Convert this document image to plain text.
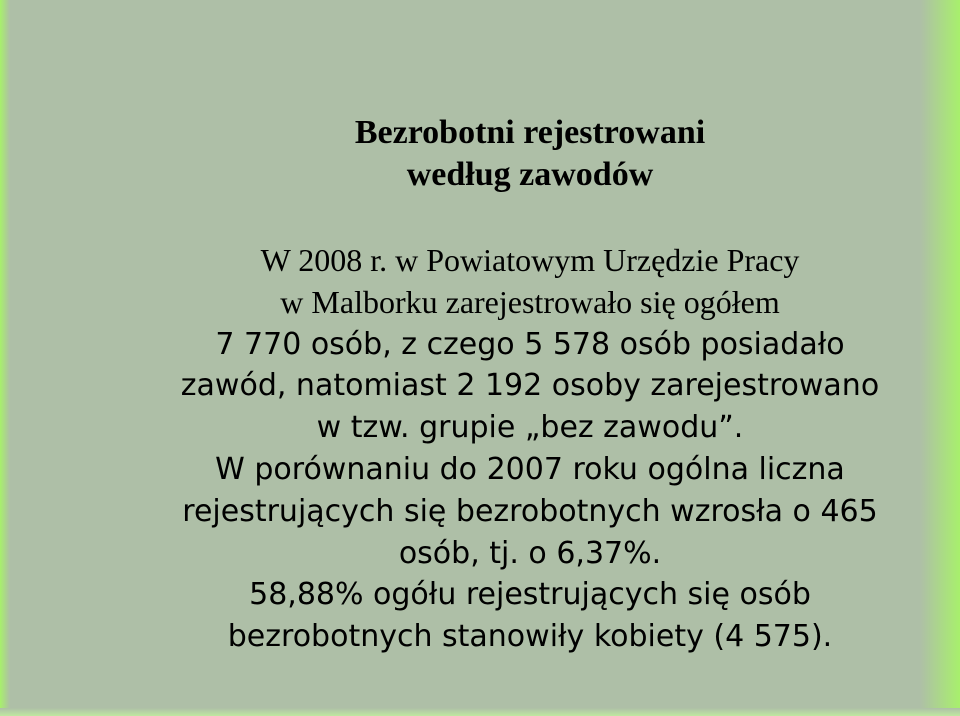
Bezrobotni rejestrowani
według zawodów
W 2008 r. w Powiatowym Urzędzie Pracy
w Malborku zarejestrowało się ogółem
7 770 osób, z czego 5 578 osób posiadało
zawód, natomiast 2 192 osoby zarejestrowano
w tzw. grupie „bez zawodu”.
W porównaniu do 2007 roku ogólna liczna
rejestrujących się bezrobotnych wzrosła o 465
osób, tj. o 6,37%.
58,88% ogółu rejestrujących się osób
bezrobotnych stanowiły kobiety (4 575).
